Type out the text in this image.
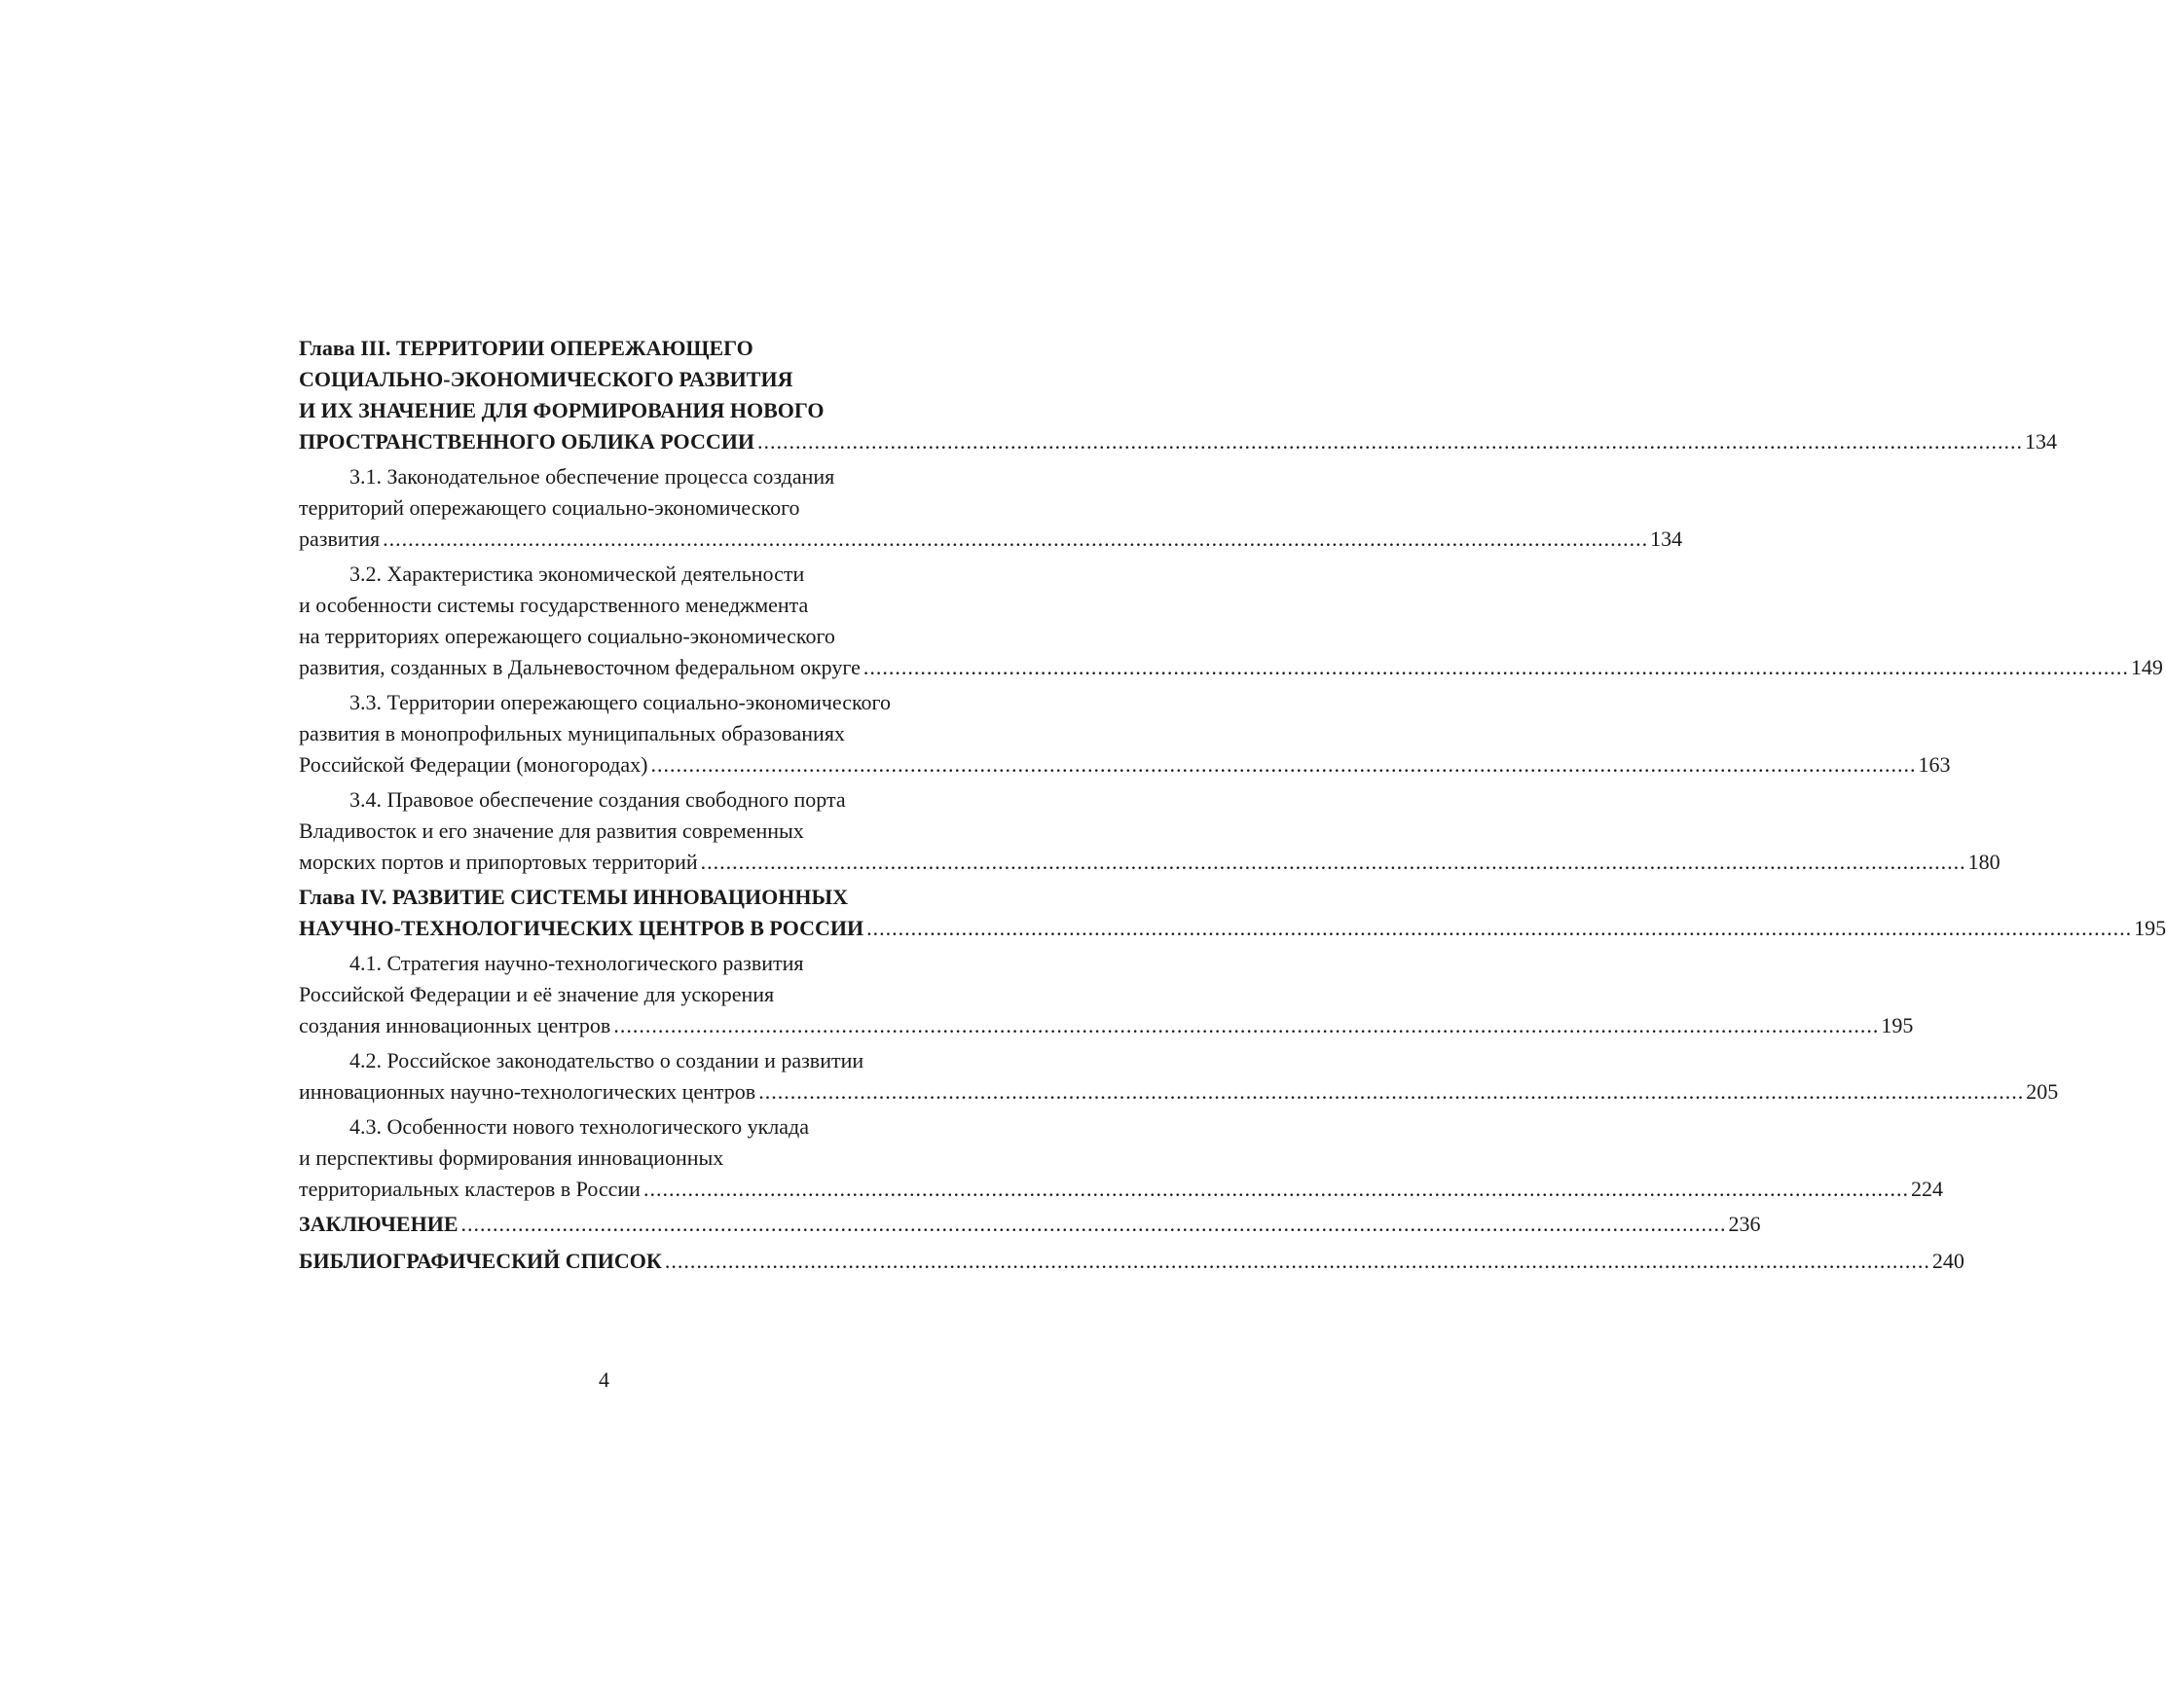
Глава III. ТЕРРИТОРИИ ОПЕРЕЖАЮЩЕГО
СОЦИАЛЬНО-ЭКОНОМИЧЕСКОГО РАЗВИТИЯ
И ИХ ЗНАЧЕНИЕ ДЛЯ ФОРМИРОВАНИЯ НОВОГО
ПРОСТРАНСТВЕННОГО ОБЛИКА РОССИИ ........................................................................................................................................................................................................ 134
3.1. Законодательное обеспечение процесса создания
территорий опережающего социально-экономического
развития ........................................................................................................................................................................................................ 134
3.2. Характеристика экономической деятельности
и особенности системы государственного менеджмента
на территориях опережающего социально-экономического
развития, созданных в Дальневосточном федеральном округе ........................................................................................................................................................................................................ 149
3.3. Территории опережающего социально-экономического
развития в монопрофильных муниципальных образованиях
Российской Федерации (моногородах) ........................................................................................................................................................................................................ 163
3.4. Правовое обеспечение создания свободного порта
Владивосток и его значение для развития современных
морских портов и припортовых территорий ........................................................................................................................................................................................................ 180
Глава IV. РАЗВИТИЕ СИСТЕМЫ ИННОВАЦИОННЫХ
НАУЧНО-ТЕХНОЛОГИЧЕСКИХ ЦЕНТРОВ В РОССИИ ........................................................................................................................................................................................................ 195
4.1. Стратегия научно-технологического развития
Российской Федерации и её значение для ускорения
создания инновационных центров ........................................................................................................................................................................................................ 195
4.2. Российское законодательство о создании и развитии
инновационных научно-технологических центров ........................................................................................................................................................................................................ 205
4.3. Особенности нового технологического уклада
и перспективы формирования инновационных
территориальных кластеров в России ........................................................................................................................................................................................................ 224
ЗАКЛЮЧЕНИЕ ........................................................................................................................................................................................................ 236
БИБЛИОГРАФИЧЕСКИЙ СПИСОК ........................................................................................................................................................................................................ 240
4
